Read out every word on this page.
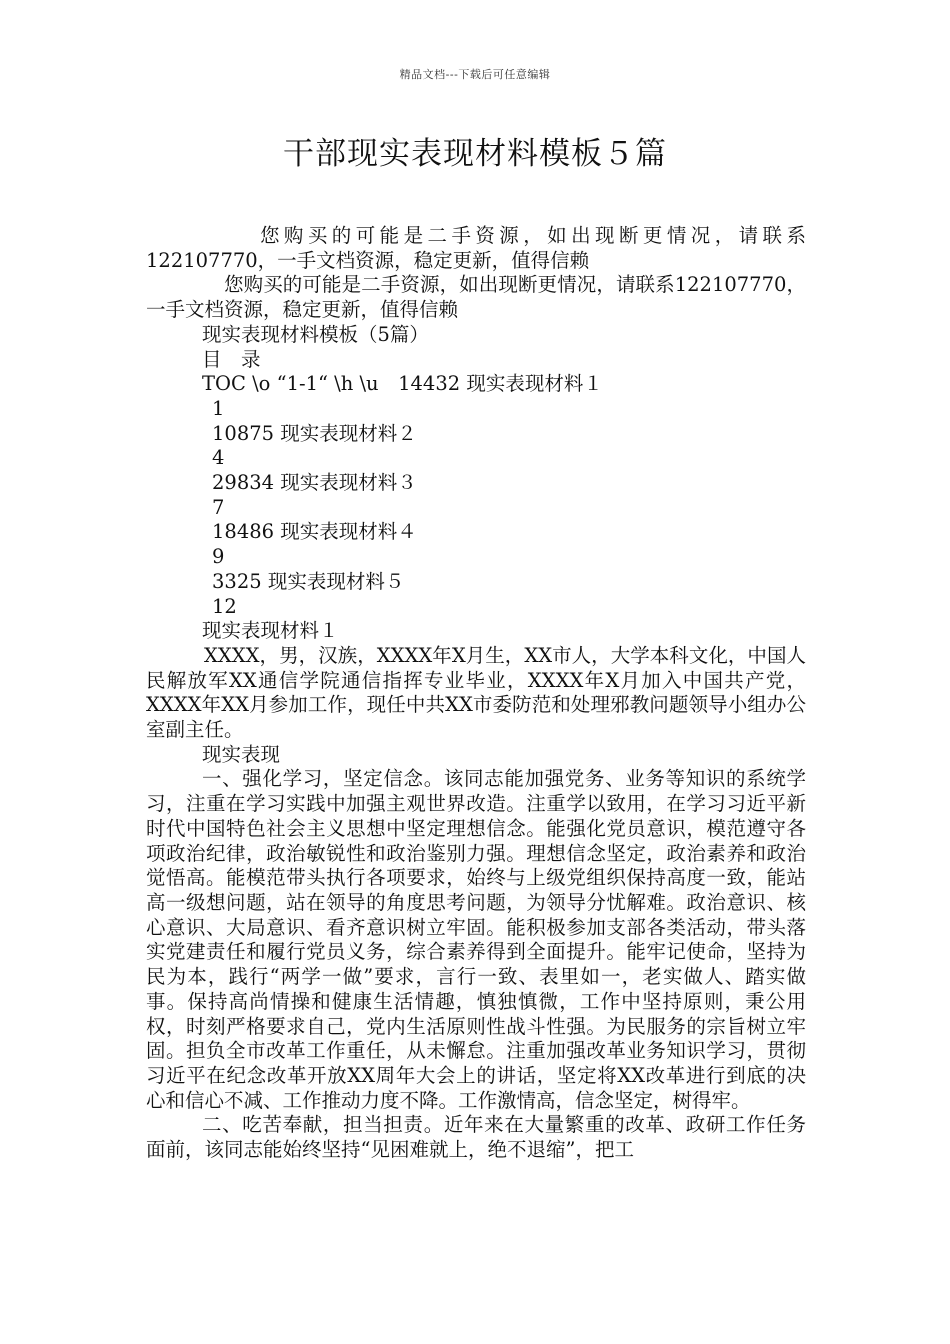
精品文档---下载后可任意编辑
干部现实表现材料模板５篇

您购买的可能是二手资源，如出现断更情况，请联系122107770，一手文档资源，稳定更新，值得信赖

您购买的可能是二手资源，如出现断更情况，请联系122107770，一手文档资源，稳定更新，值得信赖

现实表现材料模板（5篇）

目　录

TOC \o “1-1“ \h \u　14432 现实表现材料１

1

10875 现实表现材料２

4

29834 现实表现材料３

7

18486 现实表现材料４

9

3325 现实表现材料５

12

现实表现材料１

XXXX，男，汉族，XXXX年X月生，XX市人，大学本科文化，中国人民解放军XX通信学院通信指挥专业毕业，XXXX年X月加入中国共产党，XXXX年XX月参加工作，现任中共XX市委防范和处理邪教问题领导小组办公室副主任。

现实表现

一、强化学习，坚定信念。该同志能加强党务、业务等知识的系统学习，注重在学习实践中加强主观世界改造。注重学以致用，在学习习近平新时代中国特色社会主义思想中坚定理想信念。能强化党员意识，模范遵守各项政治纪律，政治敏锐性和政治鉴别力强。理想信念坚定，政治素养和政治觉悟高。能模范带头执行各项要求，始终与上级党组织保持高度一致，能站高一级想问题，站在领导的角度思考问题，为领导分忧解难。政治意识、核心意识、大局意识、看齐意识树立牢固。能积极参加支部各类活动，带头落实党建责任和履行党员义务，综合素养得到全面提升。能牢记使命，坚持为民为本，践行“两学一做”要求，言行一致、表里如一，老实做人、踏实做事。保持高尚情操和健康生活情趣，慎独慎微，工作中坚持原则，秉公用权，时刻严格要求自己，党内生活原则性战斗性强。为民服务的宗旨树立牢固。担负全市改革工作重任，从未懈怠。注重加强改革业务知识学习，贯彻习近平在纪念改革开放XX周年大会上的讲话，坚定将XX改革进行到底的决心和信心不减、工作推动力度不降。工作激情高，信念坚定，树得牢。

二、吃苦奉献，担当担责。近年来在大量繁重的改革、政研工作任务面前，该同志能始终坚持“见困难就上，绝不退缩”，把工
